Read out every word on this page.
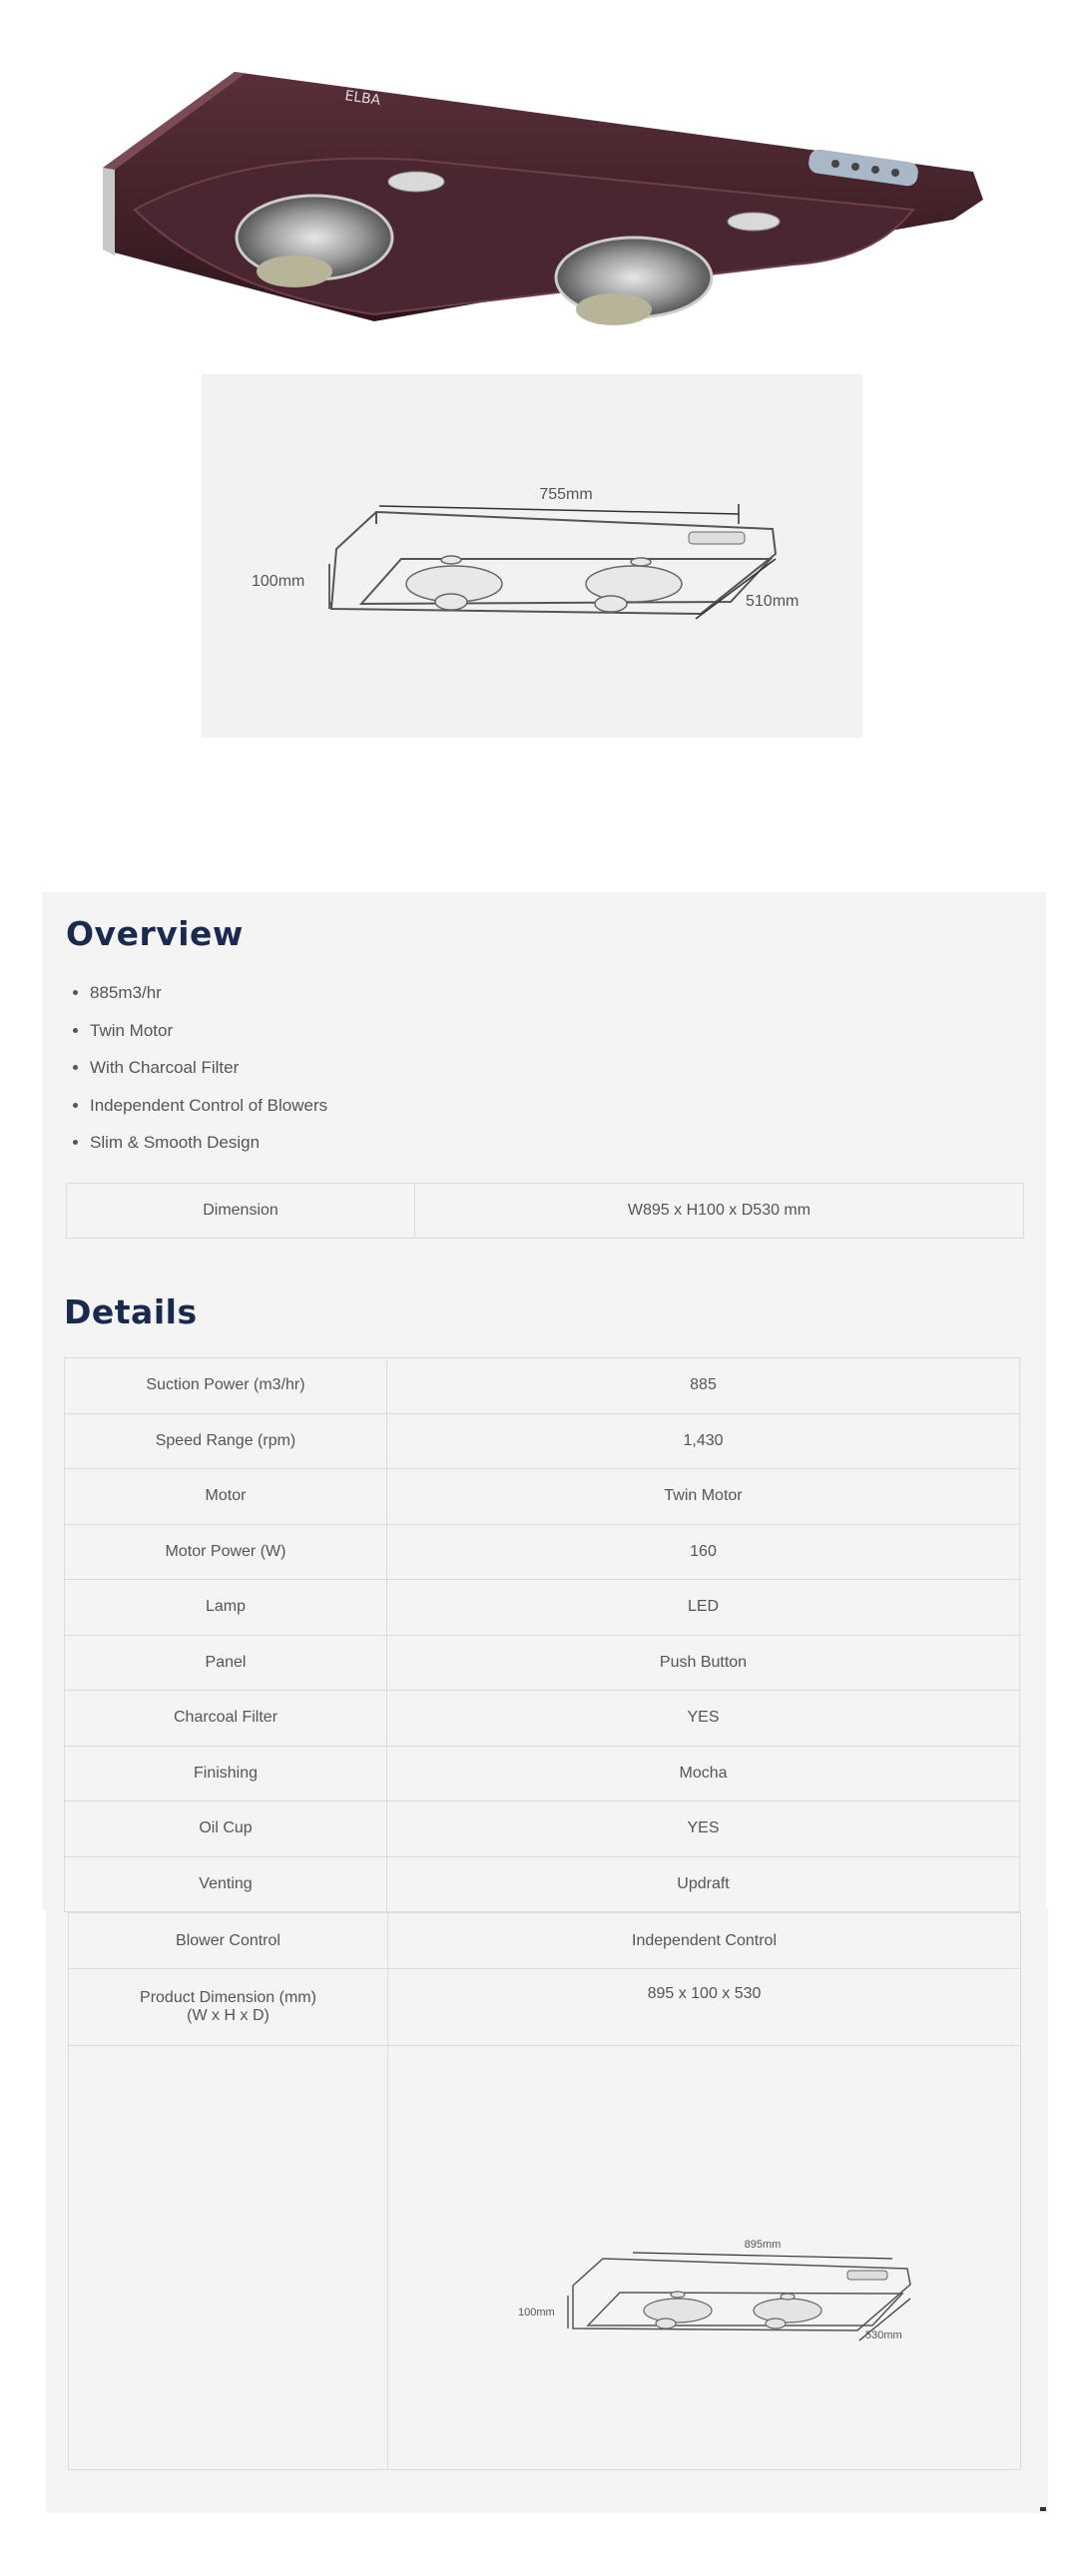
ELBA
755mm
100mm
510mm
Overview
• 885m3/hr
• Twin Motor
• With Charcoal Filter
• Independent Control of Blowers
• Slim & Smooth Design
Dimension	W895 x H100 x D530 mm
Details
Suction Power (m3/hr)	885
Speed Range (rpm)	1,430
Motor	Twin Motor
Motor Power (W)	160
Lamp	LED
Panel	Push Button
Charcoal Filter	YES
Finishing	Mocha
Oil Cup	YES
Venting	Updraft
Blower Control	Independent Control

Product Dimension (mm)
(W x H x D)	895 x 100 x 530

895mm
100mm
530mm
